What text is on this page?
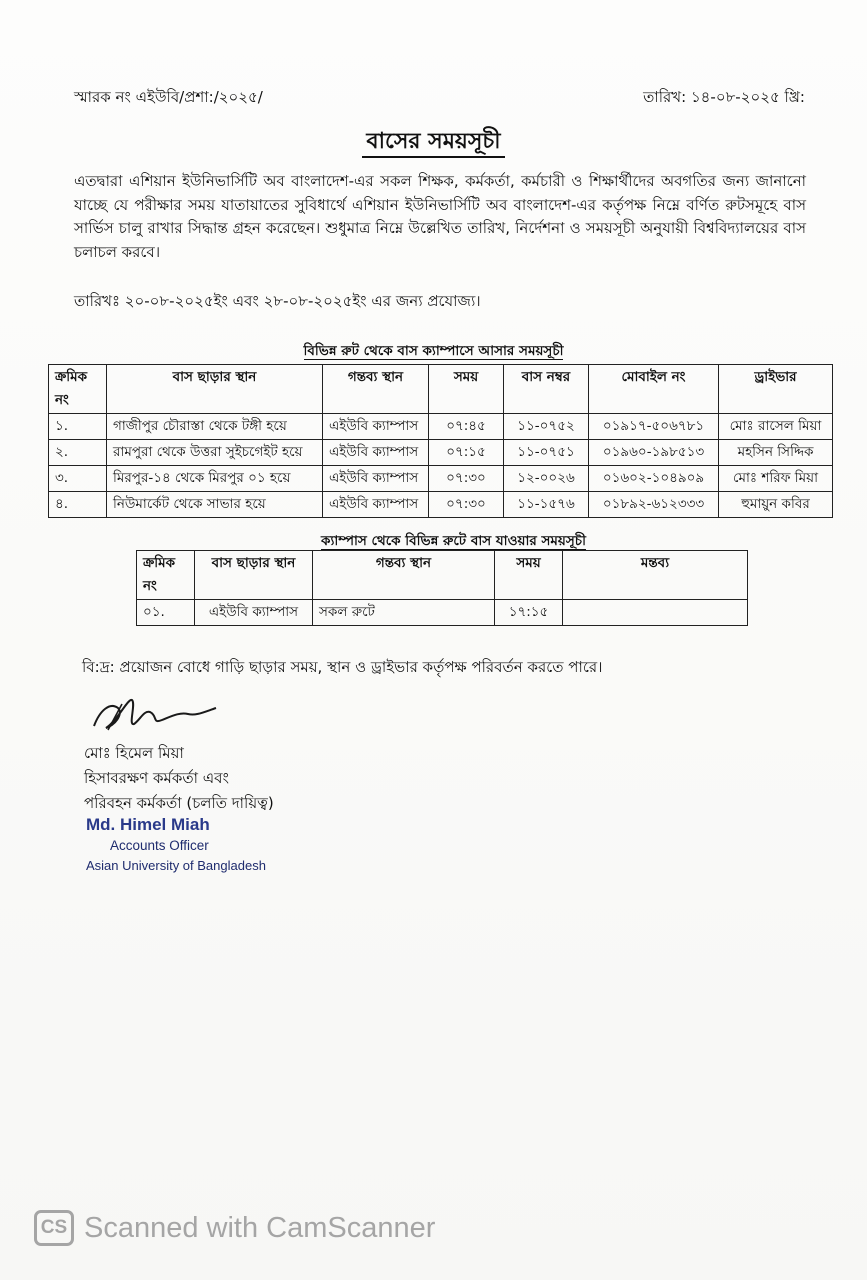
স্মারক নং এইউবি/প্রশা:/২০২৫/	তারিখ: ১৪-০৮-২০২৫ খ্রি:
বাসের সময়সূচী
এতদ্বারা এশিয়ান ইউনিভার্সিটি অব বাংলাদেশ-এর সকল শিক্ষক, কর্মকর্তা, কর্মচারী ও শিক্ষার্থীদের অবগতির জন্য জানানো যাচ্ছে যে পরীক্ষার সময় যাতায়াতের সুবিধার্থে এশিয়ান ইউনিভার্সিটি অব বাংলাদেশ-এর কর্তৃপক্ষ নিম্নে বর্ণিত রুটসমূহে বাস সার্ভিস চালু রাখার সিদ্ধান্ত গ্রহন করেছেন। শুধুমাত্র নিম্নে উল্লেখিত তারিখ, নির্দেশনা ও সময়সূচী অনুযায়ী বিশ্ববিদ্যালয়ের বাস চলাচল করবে।
তারিখঃ ২০-০৮-২০২৫ইং এবং ২৮-০৮-২০২৫ইং এর জন্য প্রযোজ্য।
বিভিন্ন রুট থেকে বাস ক্যাম্পাসে আসার সময়সূচী
ক্রমিক নং	বাস ছাড়ার স্থান	গন্তব্য স্থান	সময়	বাস নম্বর	মোবাইল নং	ড্রাইভার
১.	গাজীপুর চৌরাস্তা থেকে টঙ্গী হয়ে	এইউবি ক্যাম্পাস	০৭:৪৫	১১-০৭৫২	০১৯১৭-৫০৬৭৮১	মোঃ রাসেল মিয়া
২.	রামপুরা থেকে উত্তরা সুইচগেইট হয়ে	এইউবি ক্যাম্পাস	০৭:১৫	১১-০৭৫১	০১৯৬০-১৯৮৫১৩	মহসিন সিদ্দিক
৩.	মিরপুর-১৪ থেকে মিরপুর ০১ হয়ে	এইউবি ক্যাম্পাস	০৭:৩০	১২-০০২৬	০১৬০২-১০৪৯০৯	মোঃ শরিফ মিয়া
৪.	নিউমার্কেট থেকে সাভার হয়ে	এইউবি ক্যাম্পাস	০৭:৩০	১১-১৫৭৬	০১৮৯২-৬১২৩৩৩	হুমায়ুন কবির
ক্যাম্পাস থেকে বিভিন্ন রুটে বাস যাওয়ার সময়সূচী
ক্রমিক নং	বাস ছাড়ার স্থান	গন্তব্য স্থান	সময়	মন্তব্য
০১.	এইউবি ক্যাম্পাস	সকল রুটে	১৭:১৫	
বি:দ্র: প্রয়োজন বোধে গাড়ি ছাড়ার সময়, স্থান ও ড্রাইভার কর্তৃপক্ষ পরিবর্তন করতে পারে।
মোঃ হিমেল মিয়া
হিসাবরক্ষণ কর্মকর্তা এবং
পরিবহন কর্মকর্তা (চলতি দায়িত্ব)
Md. Himel Miah
Accounts Officer
Asian University of Bangladesh
CS Scanned with CamScanner
